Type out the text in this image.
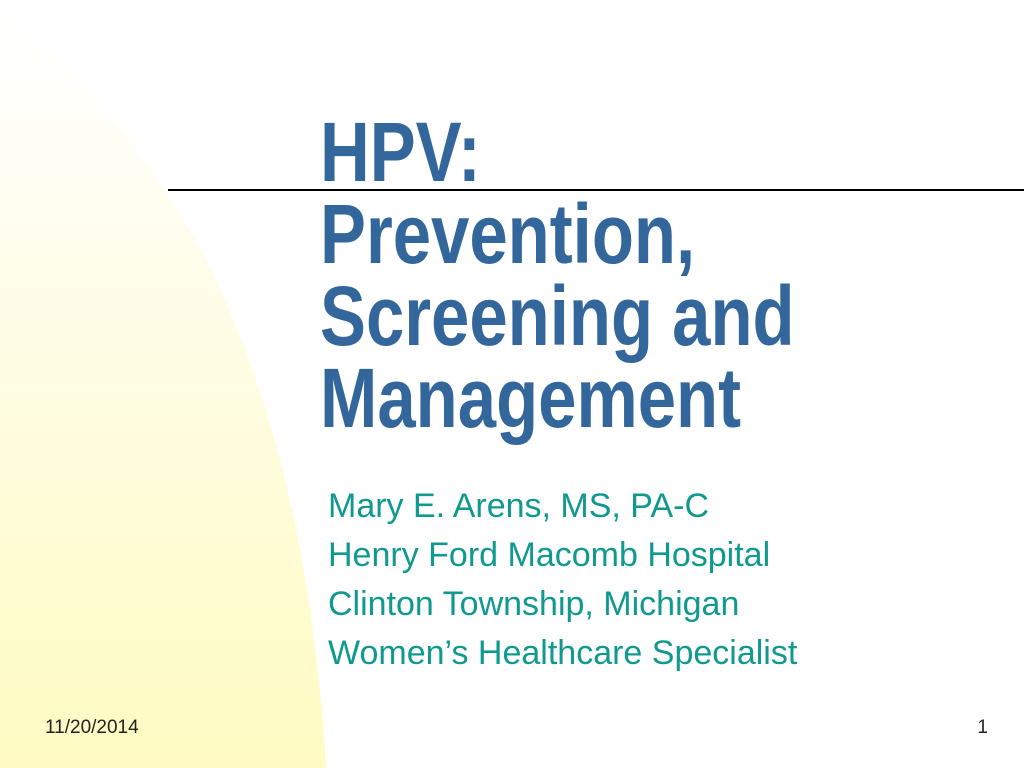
HPV:
Prevention,
Screening and
Management
Mary E. Arens, MS, PA-C
Henry Ford Macomb Hospital
Clinton Township, Michigan
Women’s Healthcare Specialist
11/20/2014	1
